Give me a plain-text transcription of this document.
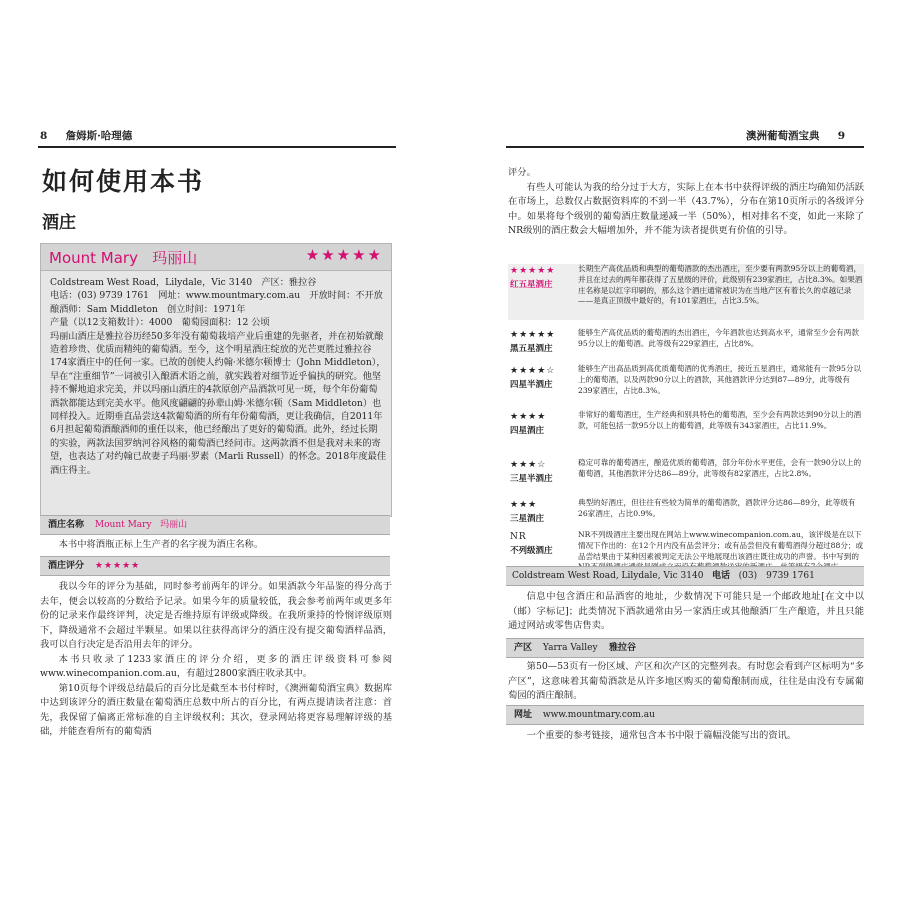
8 詹姆斯·哈理德	澳洲葡萄酒宝典 9
如何使用本书
酒庄
Mount Mary 玛丽山	★★★★★

Coldstream West Road，Lilydale，Vic 3140　产区：雅拉谷

电话：(03) 9739 1761　网址：www.mountmary.com.au　开放时间：不开放

酿酒师：Sam Middleton　创立时间：1971年

产量（以12支箱数计）：4000　葡萄园面积：12 公顷

玛丽山酒庄是雅拉谷历经50多年没有葡萄栽培产业后重建的先驱者，并在初始就酿造着珍贵、优质而精纯的葡萄酒。至今，这个明星酒庄绽放的光芒更胜过雅拉谷174家酒庄中的任何一家。已故的创使人约翰·米德尔顿博士（John Middleton），早在“注重细节”一词被引入酿酒术语之前，就实践着对细节近乎偏执的研究。他坚持不懈地追求完美，并以玛丽山酒庄的4款原创产品酒款可见一斑，每个年份葡萄酒款都能达到完美水平。他风度翩翩的孙辈山姆·米德尔顿（Sam Middleton）也同样投入。近期垂直品尝这4款葡萄酒的所有年份葡萄酒，更让我确信，自2011年6月担起葡萄酒酿酒师的重任以来，他已经酿出了更好的葡萄酒。此外，经过长期的实验，两款法国罗纳河谷风格的葡萄酒已经问市。这两款酒不但是我对未来的寄望，也表达了对约翰已故妻子玛丽·罗素（Marli Russell）的怀念。2018年度最佳酒庄得主。

酒庄名称 Mount Mary 玛丽山

本书中将酒瓶正标上生产者的名字视为酒庄名称。

酒庄评分 ★★★★★

我以今年的评分为基础，同时参考前两年的评分。如果酒款今年品鉴的得分高于去年，便会以较高的分数给予记录。如果今年的质量较低，我会参考前两年或更多年份的记录来作最终评判，决定是否维持原有评级或降级。在我所秉持的怜悯评级原则下，降级通常不会超过半颗星。如果以往获得高评分的酒庄没有提交葡萄酒样品酒，我可以自行决定是否沿用去年的评分。

本书只收录了1233家酒庄的评分介绍，更多的酒庄评级资料可参阅www.winecompanion.com.au，有超过2800家酒庄收录其中。

第10页每个评级总结最后的百分比是截至本书付梓时，《澳洲葡萄酒宝典》数据库中达到该评分的酒庄数量在葡萄酒庄总数中所占的百分比，有两点提请读者注意：首先，我保留了偏离正常标准的自主评级权利；其次，登录网站将更容易理解评级的基础，并能查看所有的葡萄酒

评分。

有些人可能认为我的给分过于大方，实际上在本书中获得评级的酒庄均确知仍活跃在市场上，总数仅占数据资料库的不到一半（43.7%），分布在第10页所示的各级评分中。如果将每个级别的葡萄酒庄数量递减一半（50%），相对排名不变，如此一来除了NR级别的酒庄数会大幅增加外，并不能为读者提供更有价值的引导。

★★★★★
红五星酒庄
长期生产高优品质和典型的葡萄酒款的杰出酒庄，至少要有两款95分以上的葡萄酒，并且在过去的两年都获得了五星级的评价，此级别有239家酒庄，占比8.3%。如果酒庄名称是以红字印刷的，那么这个酒庄通常被识为在当地产区有着长久的卓越记录——是真正顶级中最好的，有101家酒庄，占比3.5%。
★★★★★
黑五星酒庄
能够生产高优品质的葡萄酒的杰出酒庄，今年酒款也达到高水平，通常至少会有两款95分以上的葡萄酒。此等级有229家酒庄，占比8%。
★★★★☆
四星半酒庄
能够生产出高品质到高优质葡萄酒的优秀酒庄，接近五星酒庄，通常能有一款95分以上的葡萄酒，以及两款90分以上的酒款，其他酒款评分达到87—89分，此等级有239家酒庄，占比8.3%。
★★★★
四星酒庄
非常好的葡萄酒庄，生产经典和别具特色的葡萄酒，至少会有两款达到90分以上的酒款，可能包括一款95分以上的葡萄酒，此等级有343家酒庄，占比11.9%。
★★★☆
三星半酒庄
稳定可靠的葡萄酒庄，酿造优质的葡萄酒，部分年份水平更佳，会有一款90分以上的葡萄酒，其他酒款评分达86—89分，此等级有82家酒庄，占比2.8%。
★★★
三星酒庄
典型的好酒庄，但往往有些较为简单的葡萄酒款，酒款评分达86—89分，此等级有26家酒庄，占比0.9%。
NR
不列级酒庄
NR不列级酒庄主要出现在网站上www.winecompanion.com.au，该评级是在以下情况下作出的：在12个月内没有品尝评分；或有品尝但没有葡萄酒得分超过88分；或品尝结果由于某种因素被判定无法公平地展现出该酒庄既往成功的声誉。书中写到的
Coldstream West Road, Lilydale, Vic 3140 电话 (03)　9739 1761

信息中包含酒庄和品酒窖的地址，少数情况下可能只是一个邮政地址[在文中以（邮）字标记]；此类情况下酒款通常由另一家酒庄或其他酿酒厂生产酿造，并且只能通过网站或零售店售卖。

产区 Yarra Valley 雅拉谷

第50—53页有一份区域、产区和次产区的完整列表。有时您会看到产区标明为“多产区”，这意味着其葡萄酒款是从许多地区购买的葡萄酿制而成，往往是由没有专属葡萄园的酒庄酿制。

网址 www.mountmary.com.au

一个重要的参考链接，通常包含本书中限于篇幅没能写出的资讯。
